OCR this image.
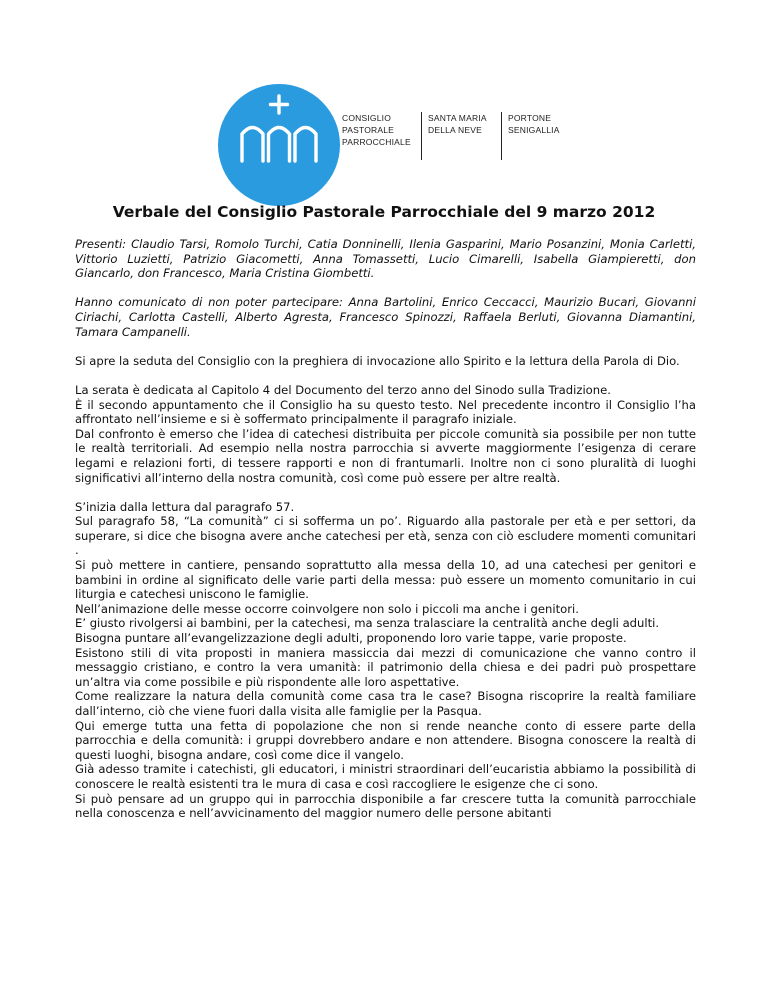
CONSIGLIO
PASTORALE
PARROCCHIALE
SANTA MARIA
DELLA NEVE
PORTONE
SENIGALLIA
Verbale del Consiglio Pastorale Parrocchiale del 9 marzo 2012

Presenti: Claudio Tarsi, Romolo Turchi, Catia Donninelli, Ilenia Gasparini, Mario Posanzini, Monia Carletti, Vittorio Luzietti, Patrizio Giacometti, Anna Tomassetti, Lucio Cimarelli, Isabella Giampieretti, don Giancarlo, don Francesco, Maria Cristina Giombetti.

Hanno comunicato di non poter partecipare: Anna Bartolini, Enrico Ceccacci, Maurizio Bucari, Giovanni Ciriachi, Carlotta Castelli, Alberto Agresta, Francesco Spinozzi, Raffaela Berluti, Giovanna Diamantini, Tamara Campanelli.

Si apre la seduta del Consiglio con la preghiera di invocazione allo Spirito e la lettura della Parola di Dio.

La serata è dedicata al Capitolo 4 del Documento del terzo anno del Sinodo sulla Tradizione.

È il secondo appuntamento che il Consiglio ha su questo testo. Nel precedente incontro il Consiglio l’ha affrontato nell’insieme e si è soffermato principalmente il paragrafo iniziale.

Dal confronto è emerso che l’idea di catechesi distribuita per piccole comunità sia possibile per non tutte le realtà territoriali. Ad esempio nella nostra parrocchia si avverte maggiormente l’esigenza di cerare legami e relazioni forti, di tessere rapporti e non di frantumarli. Inoltre non ci sono pluralità di luoghi significativi all’interno della nostra comunità, così come può essere per altre realtà.

S’inizia dalla lettura dal paragrafo 57.

Sul paragrafo 58, “La comunità” ci si sofferma un po’. Riguardo alla pastorale per età e per settori, da superare, si dice che bisogna avere anche catechesi per età, senza con ciò escludere momenti comunitari .

Si può mettere in cantiere, pensando soprattutto alla messa della 10, ad una catechesi per genitori e bambini in ordine al significato delle varie parti della messa: può essere un momento comunitario in cui liturgia e catechesi uniscono le famiglie.

Nell’animazione delle messe occorre coinvolgere non solo i piccoli ma anche i genitori.

E’ giusto rivolgersi ai bambini, per la catechesi, ma senza tralasciare la centralità anche degli adulti.

Bisogna puntare all’evangelizzazione degli adulti, proponendo loro varie tappe, varie proposte.

Esistono stili di vita proposti in maniera massiccia dai mezzi di comunicazione che vanno contro il messaggio cristiano, e contro la vera umanità: il patrimonio della chiesa e dei padri può prospettare un’altra via come possibile e più rispondente alle loro aspettative.

Come realizzare la natura della comunità come casa tra le case? Bisogna riscoprire la realtà familiare dall’interno, ciò che viene fuori dalla visita alle famiglie per la Pasqua.

Qui emerge tutta una fetta di popolazione che non si rende neanche conto di essere parte della parrocchia e della comunità: i gruppi dovrebbero andare e non attendere. Bisogna conoscere la realtà di questi luoghi, bisogna andare, così come dice il vangelo.

Già adesso tramite i catechisti, gli educatori, i ministri straordinari dell’eucaristia abbiamo la possibilità di conoscere le realtà esistenti tra le mura di casa e così raccogliere le esigenze che ci sono.

Si può pensare ad un gruppo qui in parrocchia disponibile a far crescere tutta la comunità parrocchiale nella conoscenza e nell’avvicinamento del maggior numero delle persone abitanti
